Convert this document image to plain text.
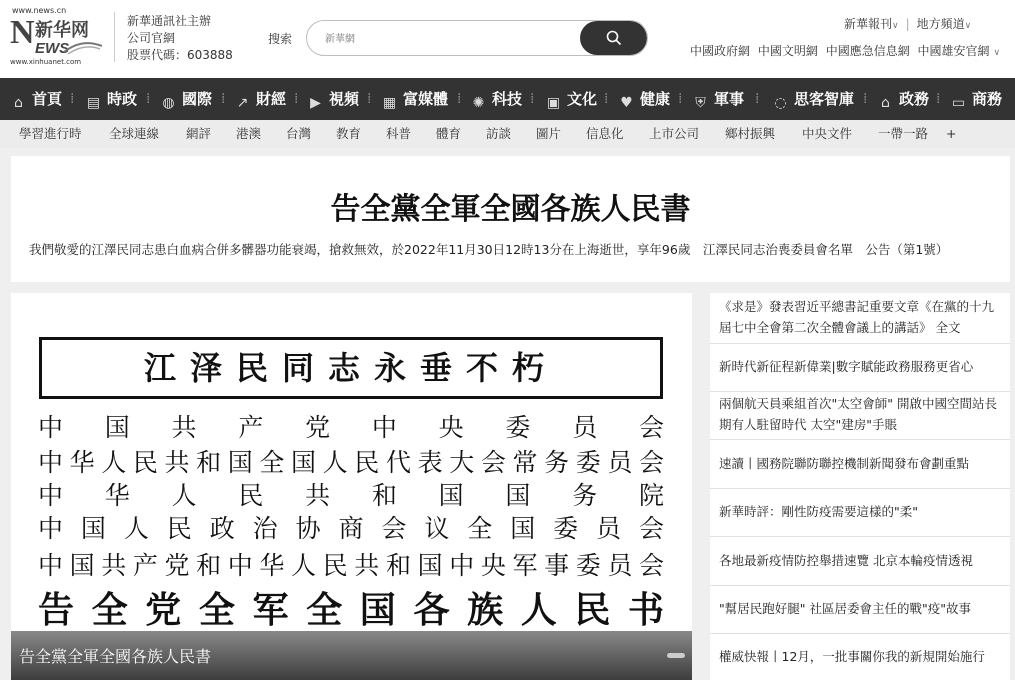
www.news.cn
N 新华网
EWS
www.xinhuanet.com
新華通訊社主辦
公司官網
股票代碼：603888
搜索
新華網
新華報刊∨ | 地方頻道∨
中國政府網 中國文明網 中國應急信息網 中國雄安官網 ∨
⌂ 首頁 ⁞ ▤ 時政 ⁞ ◍ 國際 ⁞ ↗ 財經 ⁞ ▶ 視頻 ⁞ ▦ 富媒體 ⁞ ✺ 科技 ⁞ ▣ 文化 ⁞ ♥ 健康 ⁞ ⛨ 軍事 ⁞ ◌ 思客智庫 ⁞ ⌂ 政務 ⁞ ▭ 商務
學習進行時 全球連線 網評 港澳 台灣 教育 科普 體育 訪談 圖片 信息化 上市公司 鄉村振興 中央文件 一帶一路 +
告全黨全軍全國各族人民書
我們敬愛的江澤民同志患白血病合併多髒器功能衰竭，搶救無效，於2022年11月30日12時13分在上海逝世，享年96歲　江澤民同志治喪委員會名單　公告（第1號）
江泽民同志永垂不朽
中国共产党中央委员会
中华人民共和国全国人民代表大会常务委员会
中华人民共和国国务院
中国人民政治协商会议全国委员会
中国共产党和中华人民共和国中央军事委员会
告全党全军全国各族人民书
告全黨全軍全國各族人民書
《求是》發表習近平總書記重要文章《在黨的十九屆七中全會第二次全體會議上的講話》 全文
新時代新征程新偉業|數字賦能政務服務更省心
兩個航天員乘組首次"太空會師" 開啟中國空間站長期有人駐留時代 太空"建房"手賬
速讀丨國務院聯防聯控機制新聞發布會劃重點
新華時評：剛性防疫需要這樣的"柔"
各地最新疫情防控舉措速覽 北京本輪疫情透視
"幫居民跑好腿" 社區居委會主任的戰"疫"故事
權威快報丨12月，一批事關你我的新規開始施行
